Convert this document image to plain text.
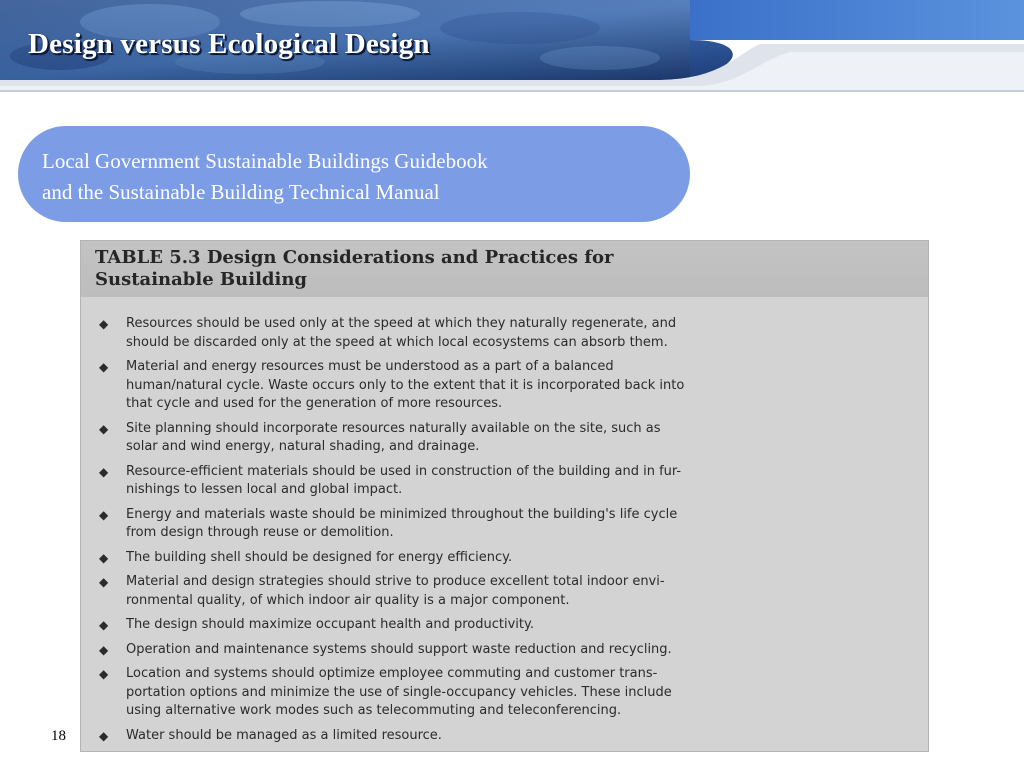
Design versus Ecological Design
Local Government Sustainable Buildings Guidebook
and the Sustainable Building Technical Manual
TABLE 5.3 Design Considerations and Practices for
Sustainable Building
◆ Resources should be used only at the speed at which they naturally regenerate, and
should be discarded only at the speed at which local ecosystems can absorb them.
◆ Material and energy resources must be understood as a part of a balanced
human/natural cycle. Waste occurs only to the extent that it is incorporated back into
that cycle and used for the generation of more resources.
◆ Site planning should incorporate resources naturally available on the site, such as
solar and wind energy, natural shading, and drainage.
◆ Resource-efficient materials should be used in construction of the building and in fur-
nishings to lessen local and global impact.
◆ Energy and materials waste should be minimized throughout the building's life cycle
from design through reuse or demolition.
◆ The building shell should be designed for energy efficiency.
◆ Material and design strategies should strive to produce excellent total indoor envi-
ronmental quality, of which indoor air quality is a major component.
◆ The design should maximize occupant health and productivity.
◆ Operation and maintenance systems should support waste reduction and recycling.
◆ Location and systems should optimize employee commuting and customer trans-
portation options and minimize the use of single-occupancy vehicles. These include
using alternative work modes such as telecommuting and teleconferencing.
◆ Water should be managed as a limited resource.
18
